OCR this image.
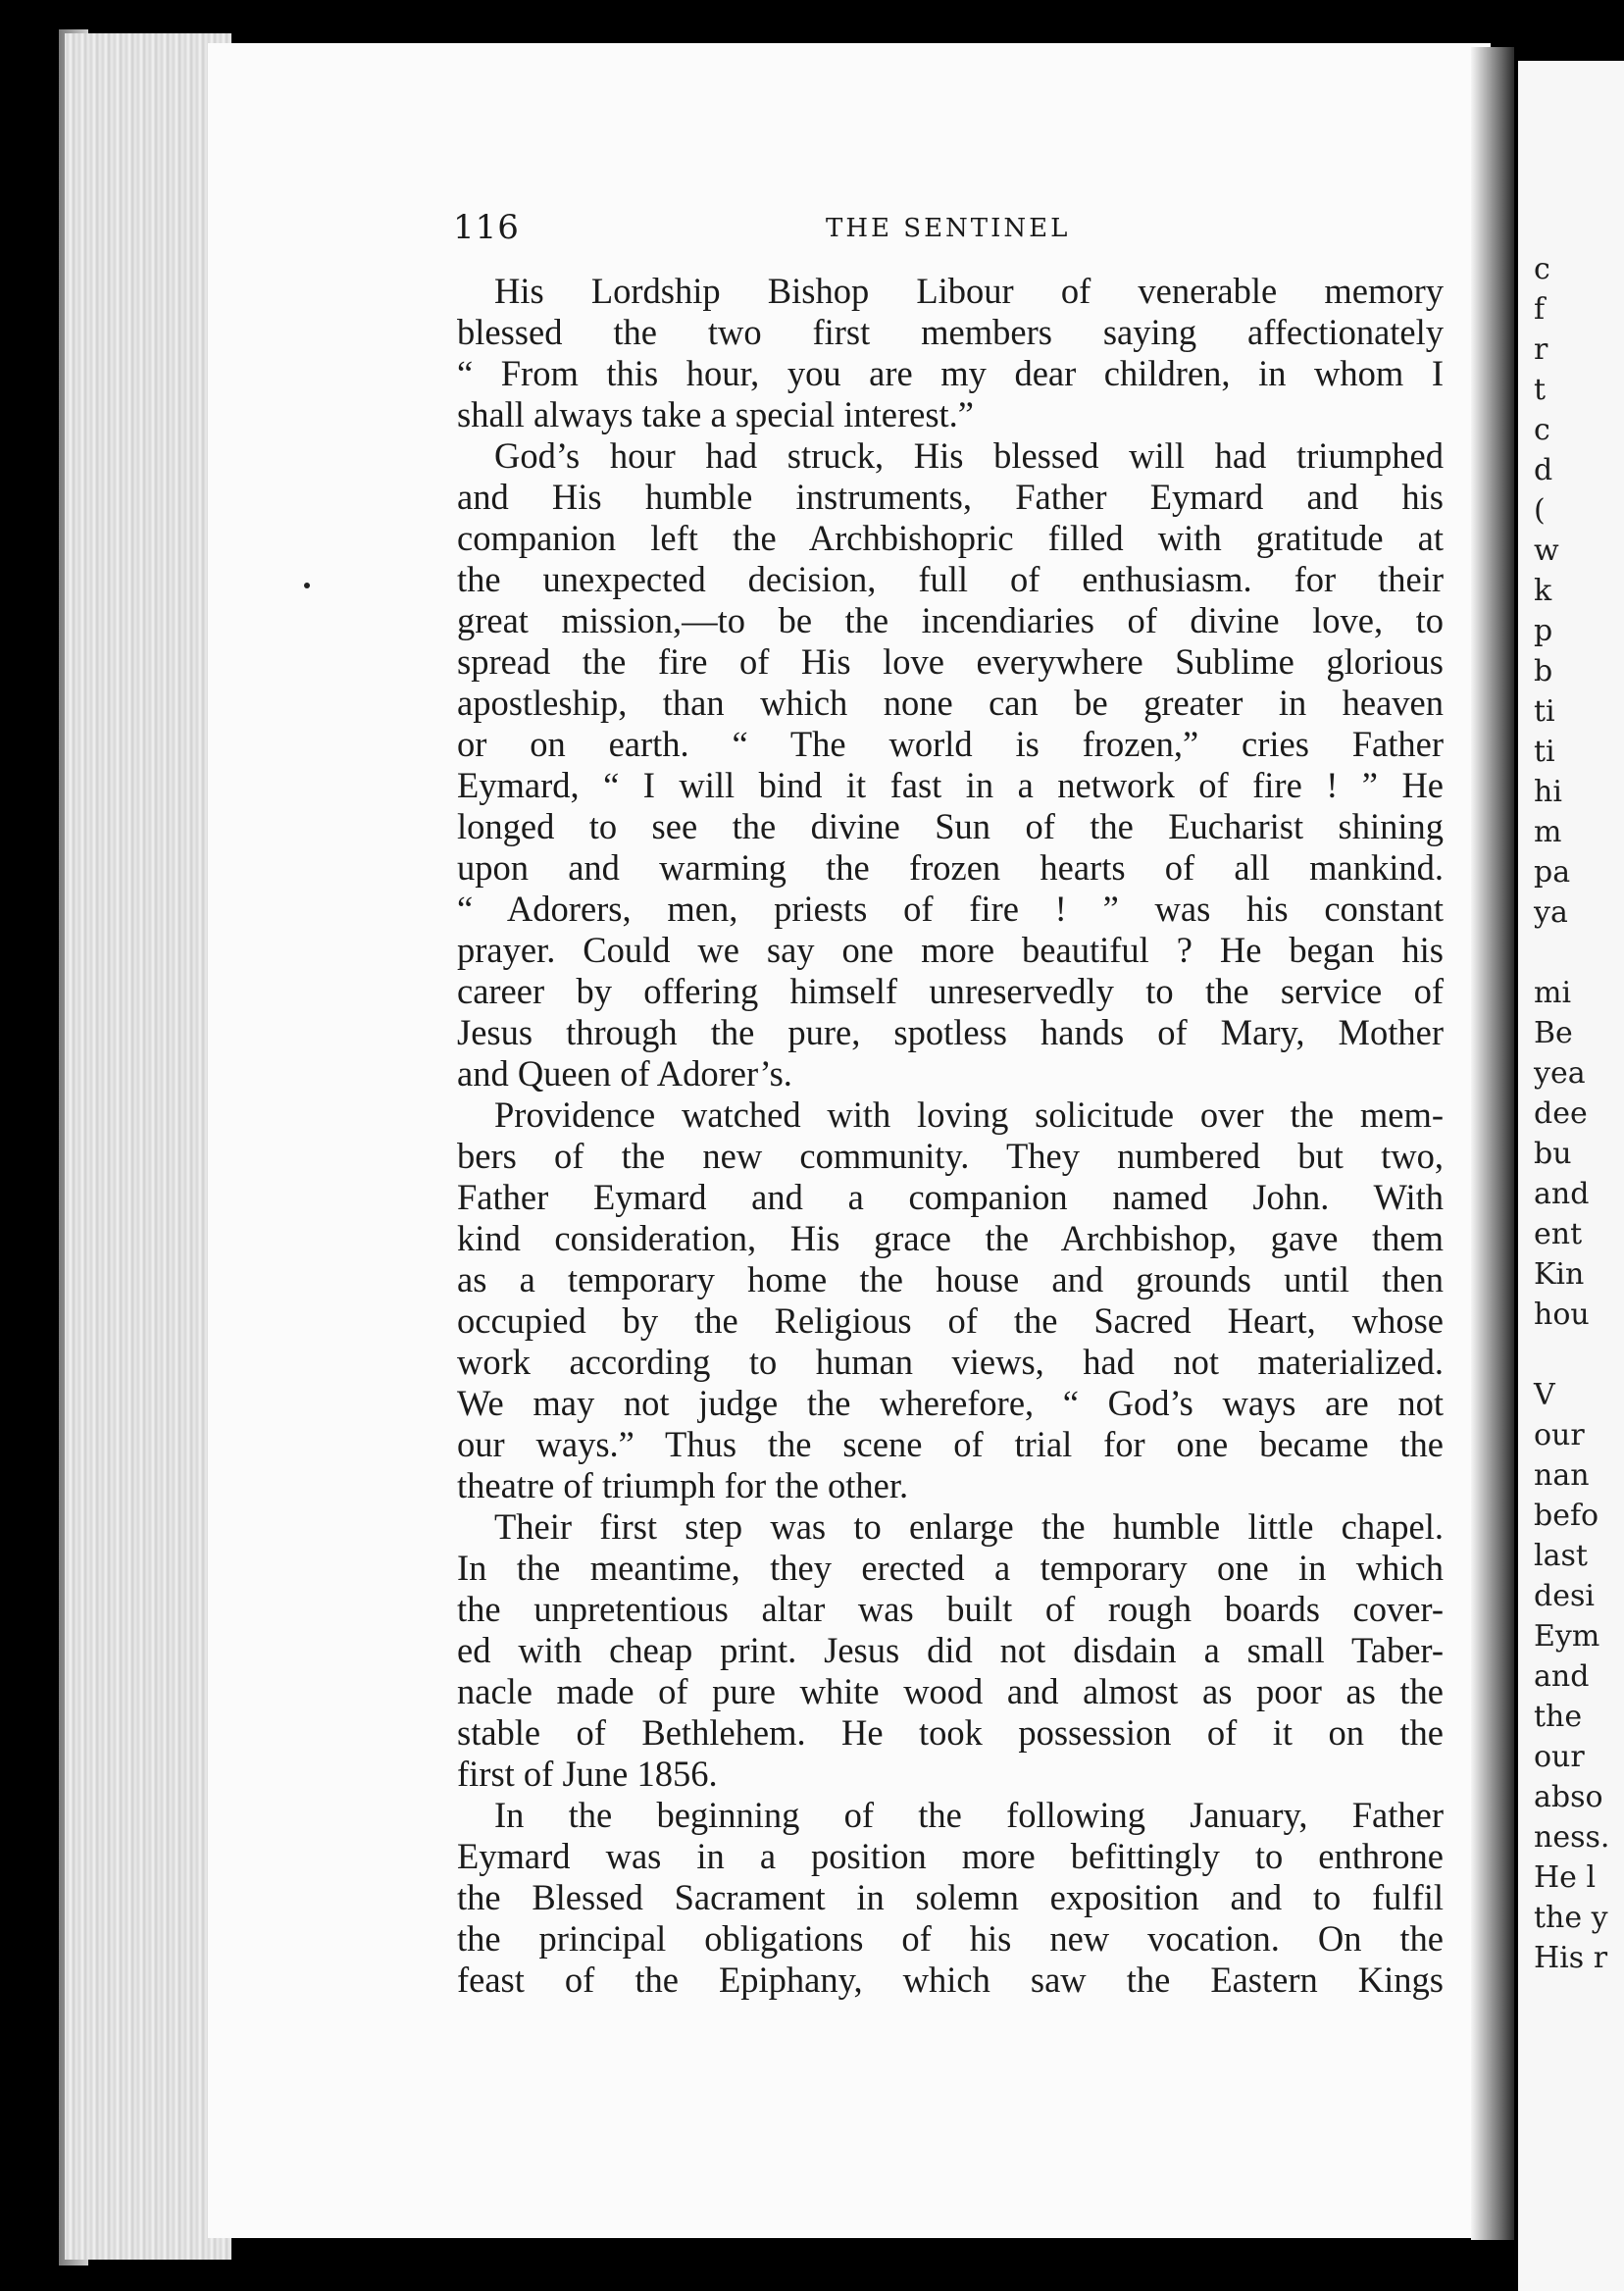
c
f
r
t
c
d
(
w
k
p
b
ti
ti
hi
m
pa
ya
mi
Be
yea
dee
bu
and
ent
Kin
hou
V
our
nan
befo
last
desi
Eym
and
the
our
abso
ness.
He l
the y
His r
116	THE SENTINEL
His Lordship Bishop Libour of venerable memory
blessed the two first members saying affectionately
“ From this hour, you are my dear children, in whom I
shall always take a special interest.”
God’s hour had struck, His blessed will had triumphed
and His humble instruments, Father Eymard and his
companion left the Archbishopric filled with gratitude at
the unexpected decision, full of enthusiasm. for their
great mission,—to be the incendiaries of divine love, to
spread the fire of His love everywhere Sublime glorious
apostleship, than which none can be greater in heaven
or on earth. “ The world is frozen,” cries Father
Eymard, “ I will bind it fast in a network of fire ! ” He
longed to see the divine Sun of the Eucharist shining
upon and warming the frozen hearts of all mankind.
“ Adorers, men, priests of fire ! ” was his constant
prayer. Could we say one more beautiful ? He began his
career by offering himself unreservedly to the service of
Jesus through the pure, spotless hands of Mary, Mother
and Queen of Adorer’s.
Providence watched with loving solicitude over the mem-
bers of the new community. They numbered but two,
Father Eymard and a companion named John. With
kind consideration, His grace the Archbishop, gave them
as a temporary home the house and grounds until then
occupied by the Religious of the Sacred Heart, whose
work according to human views, had not materialized.
We may not judge the wherefore, “ God’s ways are not
our ways.” Thus the scene of trial for one became the
theatre of triumph for the other.
Their first step was to enlarge the humble little chapel.
In the meantime, they erected a temporary one in which
the unpretentious altar was built of rough boards cover-
ed with cheap print. Jesus did not disdain a small Taber-
nacle made of pure white wood and almost as poor as the
stable of Bethlehem. He took possession of it on the
first of June 1856.
In the beginning of the following January, Father
Eymard was in a position more befittingly to enthrone
the Blessed Sacrament in solemn exposition and to fulfil
the principal obligations of his new vocation. On the
feast of the Epiphany, which saw the Eastern Kings
